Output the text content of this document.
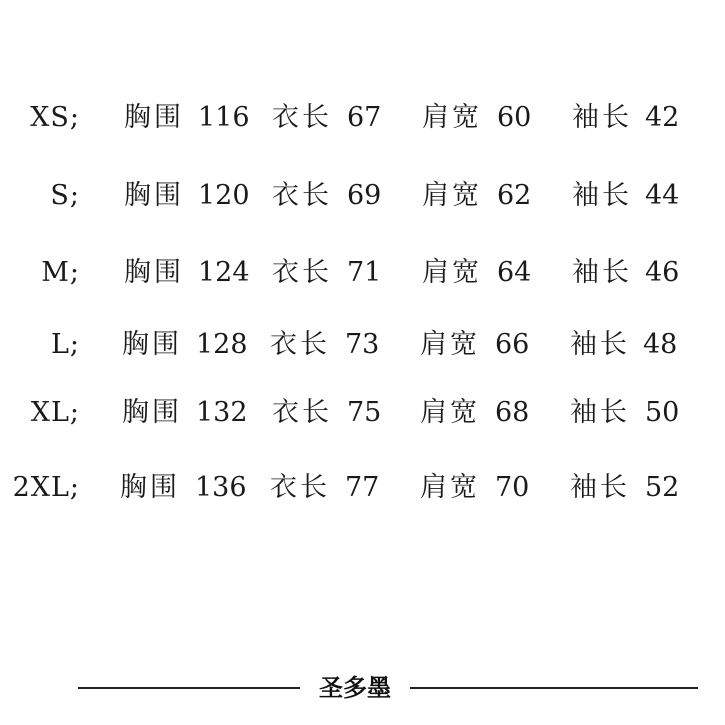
XS; 胸围 116 衣长 67 肩宽 60 袖长 42
S; 胸围 120 衣长 69 肩宽 62 袖长 44
M; 胸围 124 衣长 71 肩宽 64 袖长 46
L; 胸围 128 衣长 73 肩宽 66 袖长 48
XL; 胸围 132 衣长 75 肩宽 68 袖长 50
2XL; 胸围 136 衣长 77 肩宽 70 袖长 52
圣多墨
